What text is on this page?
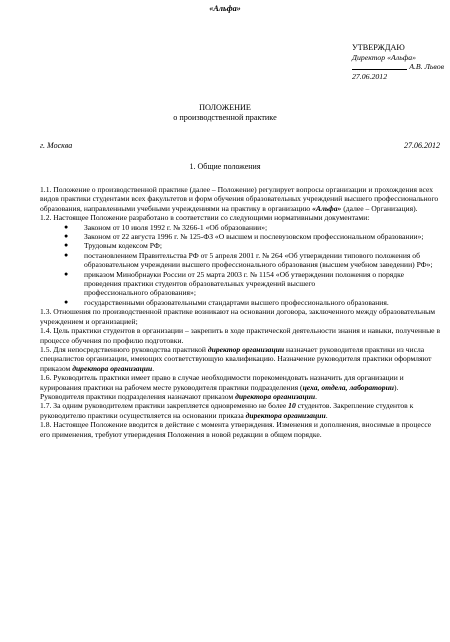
«Альфа»
УТВЕРЖДАЮ
Директор «Альфа»
А.В. Львов
27.06.2012
ПОЛОЖЕНИЕ
о производственной практике
г. Москва	27.06.2012
1. Общие положения

1.1. Положение о производственной практике (далее – Положение) регулирует вопросы организации и прохождения всех видов практики студентами всех факультетов и форм обучения образовательных учреждений высшего профессионального образования, направленными учебными учреждениями на практику в организацию «Альфа» (далее – Организация).

1.2. Настоящее Положение разработано в соответствии со следующими нормативными документами:

● Законом от 10 июля 1992 г. № 3266-1 «Об образовании»;

● Законом от 22 августа 1996 г. № 125-ФЗ «О высшем и послевузовском профессиональном образовании»;

● Трудовым кодексом РФ;

● постановлением Правительства РФ от 5 апреля 2001 г. № 264 «Об утверждении типового положения об образовательном учреждении высшего профессионального образования (высшем учебном заведении) РФ»;

● приказом Минобрнауки России от 25 марта 2003 г. № 1154 «Об утверждении положения о порядке проведения практики студентов образовательных учреждений высшего

профессионального образования»;

● государственными образовательными стандартами высшего профессионального образования.

1.3. Отношения по производственной практике возникают на основании договора, заключенного между образовательным учреждением и организацией;

1.4. Цель практики студентов в организации – закрепить в ходе практической деятельности знания и навыки, полученные в процессе обучения по профилю подготовки.

1.5. Для непосредственного руководства практикой директор организации назначает руководителя практики из числа специалистов организации, имеющих соответствующую квалификацию. Назначение руководителя практики оформляют приказом директора организации.

1.6. Руководитель практики имеет право в случае необходимости порекомендовать назначить для организации и курирования практики на рабочем месте руководителя практики подразделения (цеха, отдела, лаборатории). Руководителя практики подразделения назначают приказом директора организации.

1.7. За одним руководителем практики закрепляется одновременно не более 10 студентов. Закрепление студентов к руководителю практики осуществляется на основании приказа директора организации.

1.8. Настоящее Положение вводится в действие с момента утверждения. Изменения и дополнения, вносимые в процессе его применения, требуют утверждения Положения в новой редакции в общем порядке.
